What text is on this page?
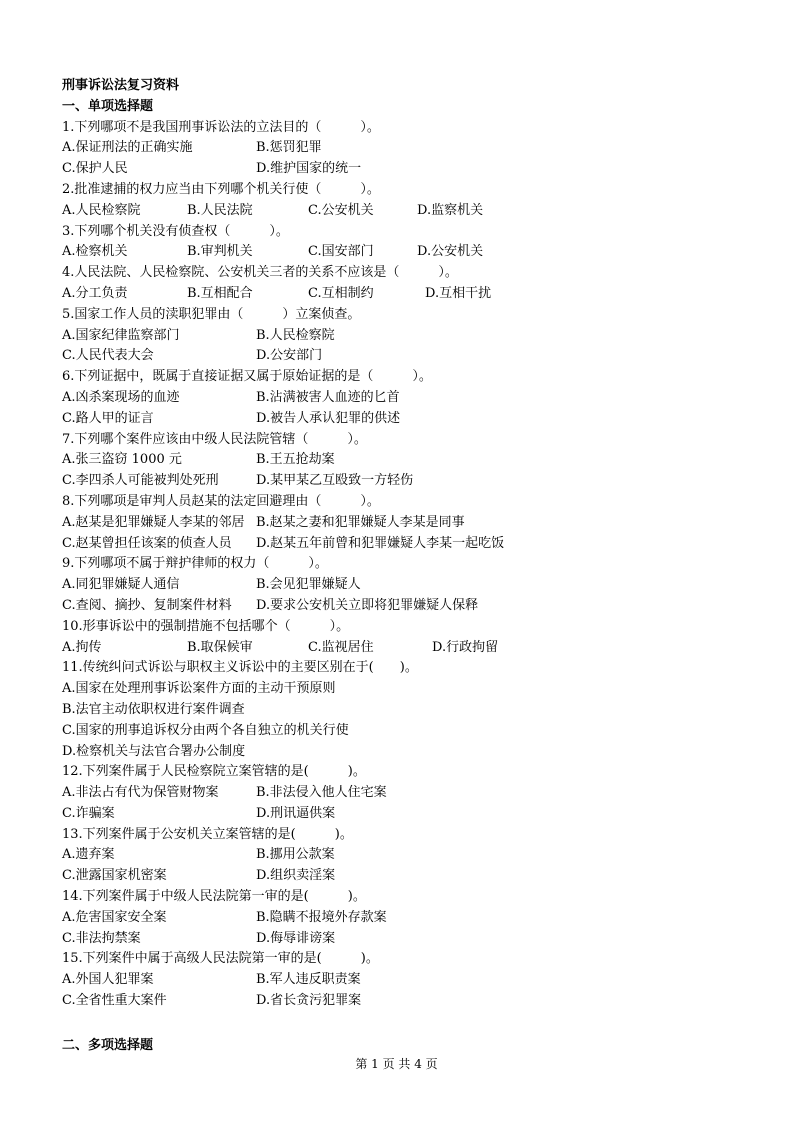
刑事诉讼法复习资料
一、单项选择题
1.下列哪项不是我国刑事诉讼法的立法目的（　　　）。
A.保证刑法的正确实施	B.惩罚犯罪
C.保护人民	D.维护国家的统一
2.批准逮捕的权力应当由下列哪个机关行使（　　　）。
A.人民检察院	B.人民法院	C.公安机关	D.监察机关
3.下列哪个机关没有侦查权（　　　）。
A.检察机关	B.审判机关	C.国安部门	D.公安机关
4.人民法院、人民检察院、公安机关三者的关系不应该是（　　　）。
A.分工负责	B.互相配合	C.互相制约	D.互相干扰
5.国家工作人员的渎职犯罪由（　　　）立案侦查。
A.国家纪律监察部门	B.人民检察院
C.人民代表大会	D.公安部门
6.下列证据中，既属于直接证据又属于原始证据的是（　　　）。
A.凶杀案现场的血迹	B.沾满被害人血迹的匕首
C.路人甲的证言	D.被告人承认犯罪的供述
7.下列哪个案件应该由中级人民法院管辖（　　　）。
A.张三盗窃 1000 元	B.王五抢劫案
C.李四杀人可能被判处死刑	D.某甲某乙互殴致一方轻伤
8.下列哪项是审判人员赵某的法定回避理由（　　　）。
A.赵某是犯罪嫌疑人李某的邻居 B.赵某之妻和犯罪嫌疑人李某是同事
C.赵某曾担任该案的侦查人员 D.赵某五年前曾和犯罪嫌疑人李某一起吃饭
9.下列哪项不属于辩护律师的权力（　　　）。
A.同犯罪嫌疑人通信	B.会见犯罪嫌疑人
C.查阅、摘抄、复制案件材料 D.要求公安机关立即将犯罪嫌疑人保释
10.形事诉讼中的强制措施不包括哪个（　　　）。
A.拘传	B.取保候审	C.监视居住	D.行政拘留
11.传统纠问式诉讼与职权主义诉讼中的主要区别在于(　　)。
A.国家在处理刑事诉讼案件方面的主动干预原则
B.法官主动依职权进行案件调查
C.国家的刑事追诉权分由两个各自独立的机关行使
D.检察机关与法官合署办公制度
12.下列案件属于人民检察院立案管辖的是(　　　)。
A.非法占有代为保管财物案	B.非法侵入他人住宅案
C.诈骗案	D.刑讯逼供案
13.下列案件属于公安机关立案管辖的是(　　　)。
A.遗弃案	B.挪用公款案
C.泄露国家机密案	D.组织卖淫案
14.下列案件属于中级人民法院第一审的是(　　　)。
A.危害国家安全案	B.隐瞒不报境外存款案
C.非法拘禁案	D.侮辱诽谤案
15.下列案件中属于高级人民法院第一审的是(　　　)。
A.外国人犯罪案	B.军人违反职责案
C.全省性重大案件	D.省长贪污犯罪案
二、多项选择题
第 1 页 共 4 页
